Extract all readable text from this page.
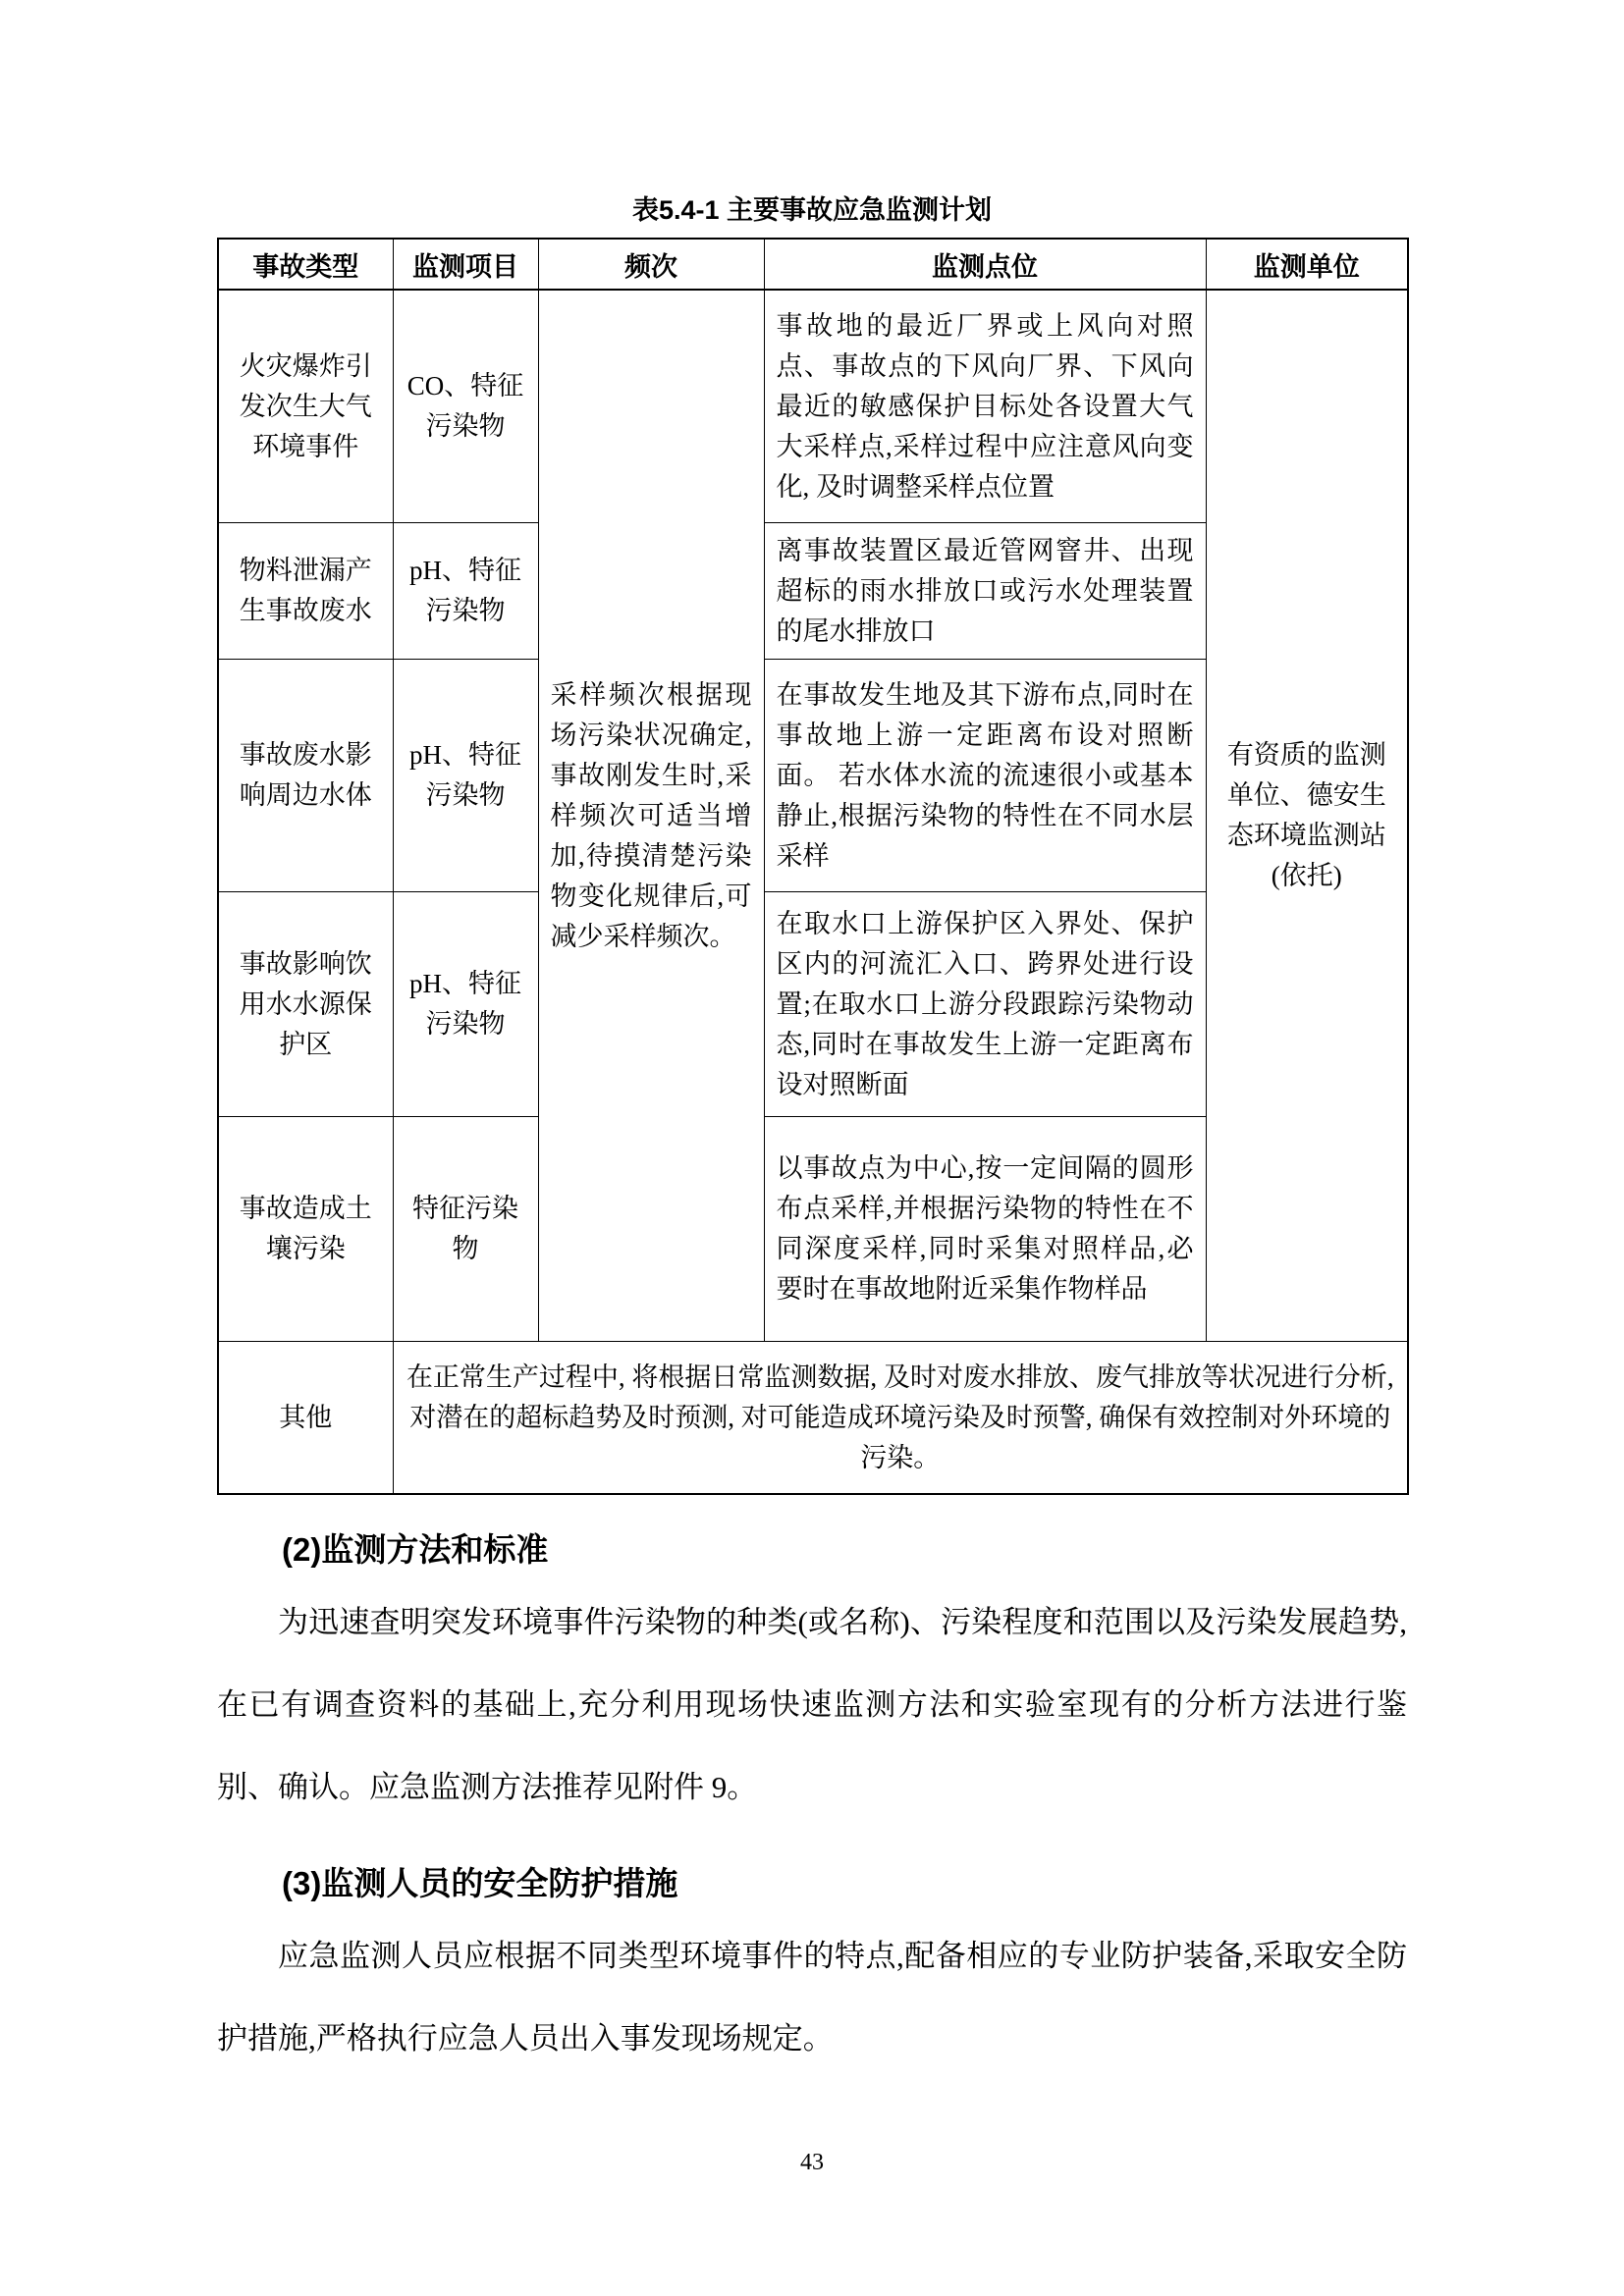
表5.4-1 主要事故应急监测计划
事故类型	监测项目	频次	监测点位	监测单位
火灾爆炸引发次生大气环境事件	CO、特征污染物	采样频次根据现场污染状况确定,事故刚发生时,采样频次可适当增加,待摸清楚污染物变化规律后,可减少采样频次。	事故地的最近厂界或上风向对照点、事故点的下风向厂界、下风向最近的敏感保护目标处各设置大气大采样点,采样过程中应注意风向变化, 及时调整采样点位置	有资质的监测单位、德安生态环境监测站(依托)
物料泄漏产生事故废水	pH、特征污染物		离事故装置区最近管网窨井、出现超标的雨水排放口或污水处理装置的尾水排放口	
事故废水影响周边水体	pH、特征污染物		在事故发生地及其下游布点,同时在事故地上游一定距离布设对照断面。 若水体水流的流速很小或基本静止,根据污染物的特性在不同水层采样	
事故影响饮用水水源保护区	pH、特征污染物		在取水口上游保护区入界处、保护区内的河流汇入口、跨界处进行设置;在取水口上游分段跟踪污染物动态,同时在事故发生上游一定距离布设对照断面	
事故造成土壤污染	特征污染物		以事故点为中心,按一定间隔的圆形布点采样,并根据污染物的特性在不同深度采样,同时采集对照样品,必 要时在事故地附近采集作物样品	
其他	在正常生产过程中, 将根据日常监测数据, 及时对废水排放、废气排放等状况进行分析, 对潜在的超标趋势及时预测, 对可能造成环境污染及时预警, 确保有效控制对外环境的污染。			
(2)监测方法和标准
为迅速查明突发环境事件污染物的种类(或名称)、污染程度和范围以及污染发展趋势,在已有调查资料的基础上,充分利用现场快速监测方法和实验室现有的分析方法进行鉴别、确认。应急监测方法推荐见附件 9。
(3)监测人员的安全防护措施
应急监测人员应根据不同类型环境事件的特点,配备相应的专业防护装备,采取安全防护措施,严格执行应急人员出入事发现场规定。
43
